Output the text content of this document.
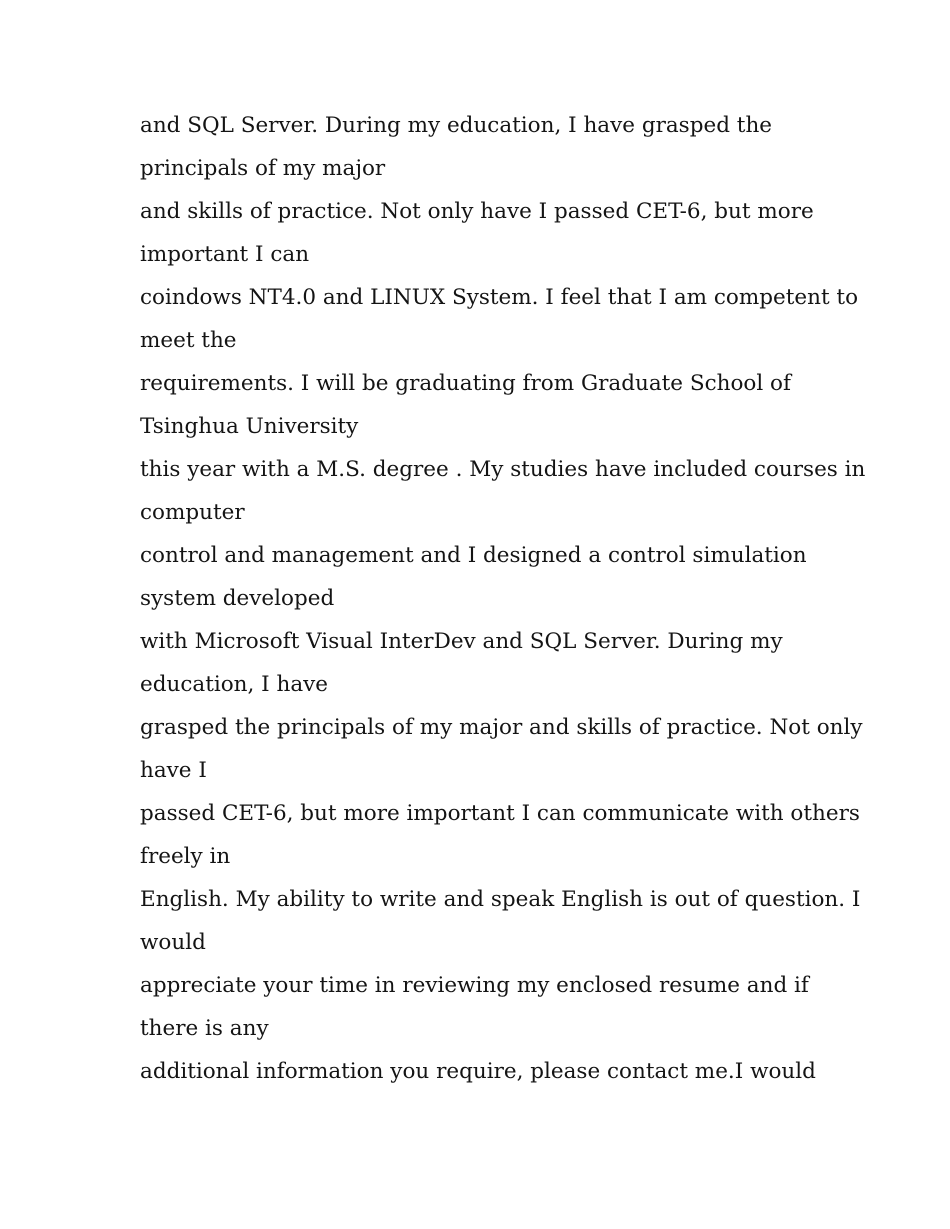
and SQL Server. During my education, I have grasped the
principals of my major
and skills of practice. Not only have I passed CET-6, but more
important I can
coindows NT4.0 and LINUX System. I feel that I am competent to
meet the
requirements. I will be graduating from Graduate School of
Tsinghua University
this year with a M.S. degree . My studies have included courses in
computer
control and management and I designed a control simulation
system developed
with Microsoft Visual InterDev and SQL Server. During my
education, I have
grasped the principals of my major and skills of practice. Not only
have I
passed CET-6, but more important I can communicate with others
freely in
English. My ability to write and speak English is out of question. I
would
appreciate your time in reviewing my enclosed resume and if
there is any
additional information you require, please contact me.I would
